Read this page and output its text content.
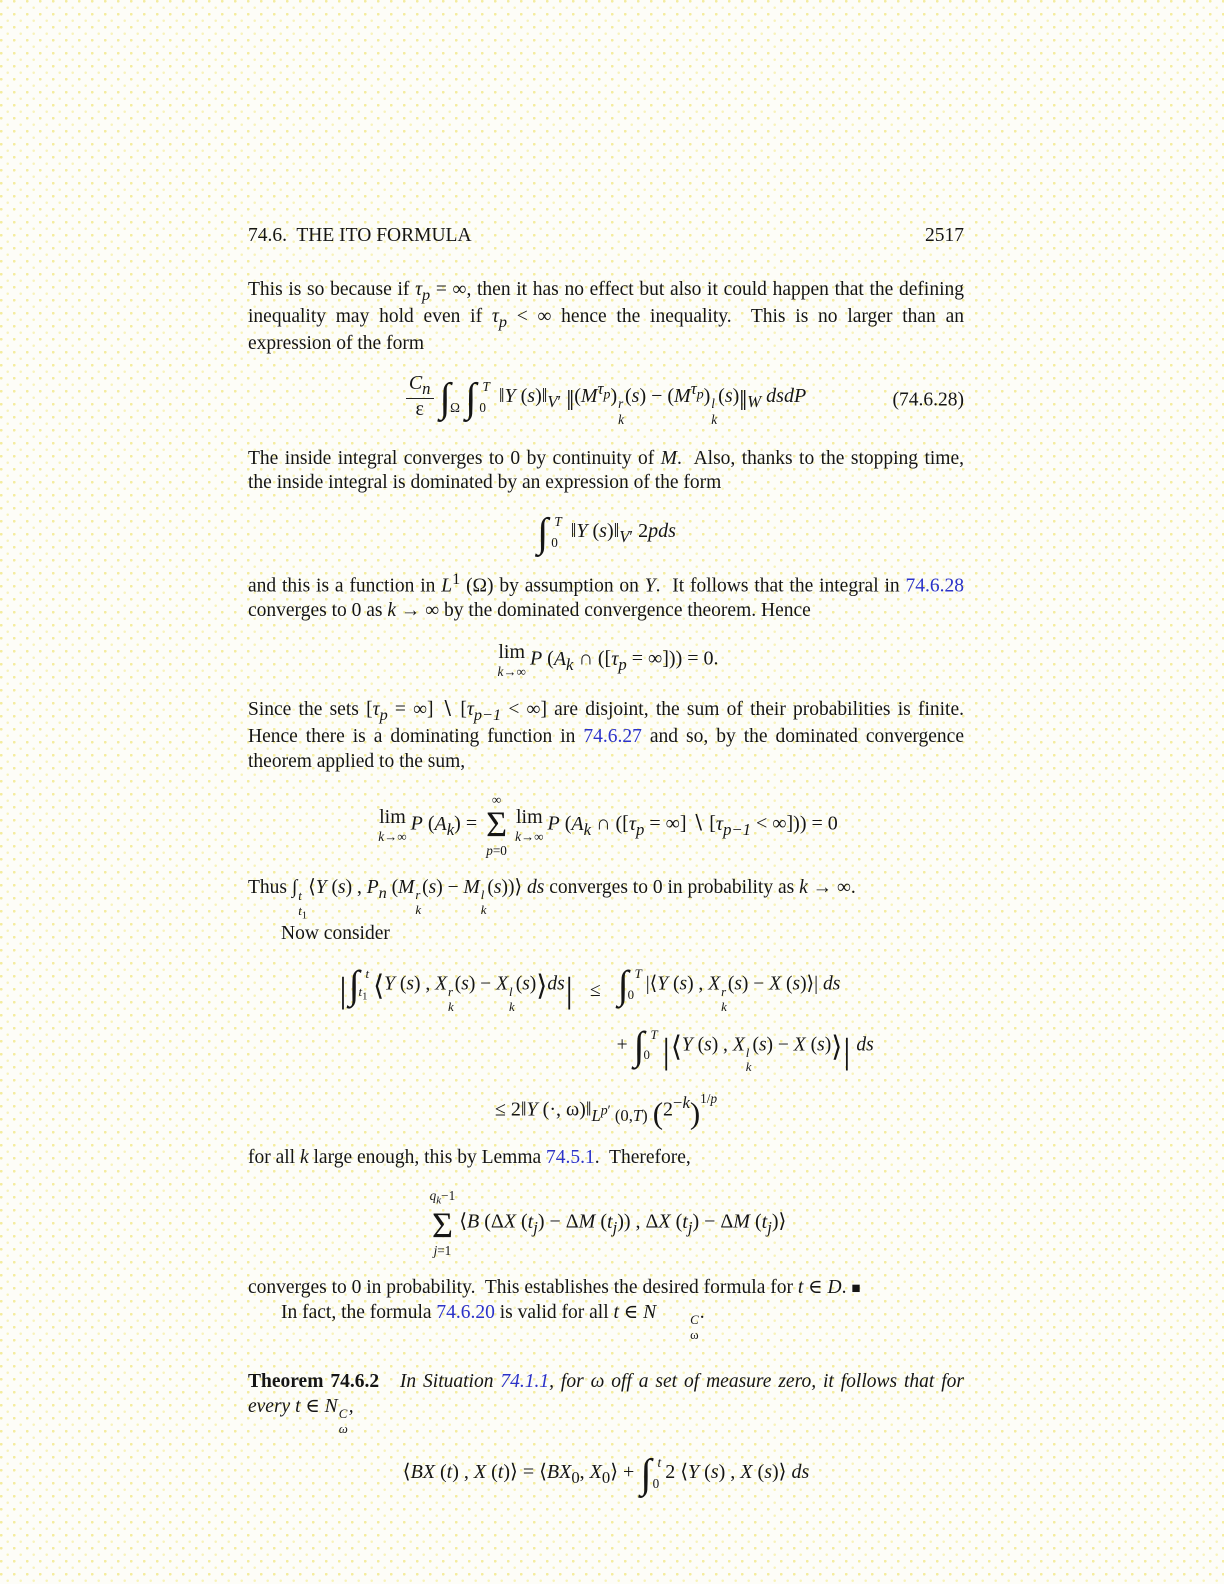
74.6.  THE ITO FORMULA	2517

This is so because if $\tau_p$ = ∞, then it has no effect but also it could happen that the defining inequality may hold even if $\tau_p$ < ∞ hence the inequality.  This is no larger than an expression of the form

$\frac{C_n}{\varepsilon}$ ∫ Ω ∫ T
0
‖Y $(s)‖_{V'}$ $‖(M^{\tau_p})$ r
k
$(s) - (M^{\tau_p})$ l
k
$(s)‖_W$ dsdP	(74.6.28)

The inside integral converges to 0 by continuity of M.  Also, thanks to the stopping time, the inside integral is dominated by an expression of the form

∫ T
0
‖Y $(s)‖_{V'}$ 2pds

and this is a function in $L^1$ (Ω) by assumption on Y.  It follows that the integral in 74.6.28 converges to 0 as k → ∞ by the dominated convergence theorem. Hence

lim
k→∞
P ($A_k$ ∩ ([$\tau_p$ = ∞])) = 0.

Since the sets [$\tau_p$ = ∞] ∖ [$\tau_{p-1}$ < ∞] are disjoint, the sum of their probabilities is finite. Hence there is a dominating function in 74.6.27 and so, by the dominated convergence theorem applied to the sum,

lim
k→∞
P $(A_k)$ =
∞
Σ
p=0
lim
k→∞
P ($A_k$ ∩ ([$\tau_p$ = ∞] ∖ [$\tau_{p-1}$ < ∞])) = 0

Thus ∫ t
$t_1$
⟨Y (s) , $P_n$ (M r
k
(s) − M l
k
(s))⟩ ds converges to 0 in probability as k → ∞.

Now consider

| ∫ t
$t_1$ ⟨Y (s) , X r
k
(s) − X l
k
(s)⟩ds| ≤ ∫ T
0
|⟨Y (s) , X r
k
(s) − X (s)⟩| ds
+ ∫ T
0 |⟨Y (s) , X l
k
(s) − X (s)⟩| ds
≤ 2‖Y (·, $\omega)‖_{L^{p'} (0,T)}$ $(2^{-k})^{1/p}$

for all k large enough, this by Lemma 74.5.1.  Therefore,

$q_k-1$
Σ
j=1
⟨B (ΔX $(t_j) - \Delta M$ $(t_j)$) , ΔX $(t_j) - \Delta M$ $(t_j)⟩$

converges to 0 in probability.  This establishes the desired formula for t ∈ D. ■

In fact, the formula 74.6.20 is valid for all t ∈ N	C
ω
.

Theorem 74.6.2 In Situation 74.1.1, for ω off a set of measure zero, it follows that for every t ∈ N C
ω
,

⟨BX (t) , X (t)⟩ = $⟨BX_0$, $X_0⟩$ + ∫ t
0
2 ⟨Y (s) , X (s)⟩ ds
